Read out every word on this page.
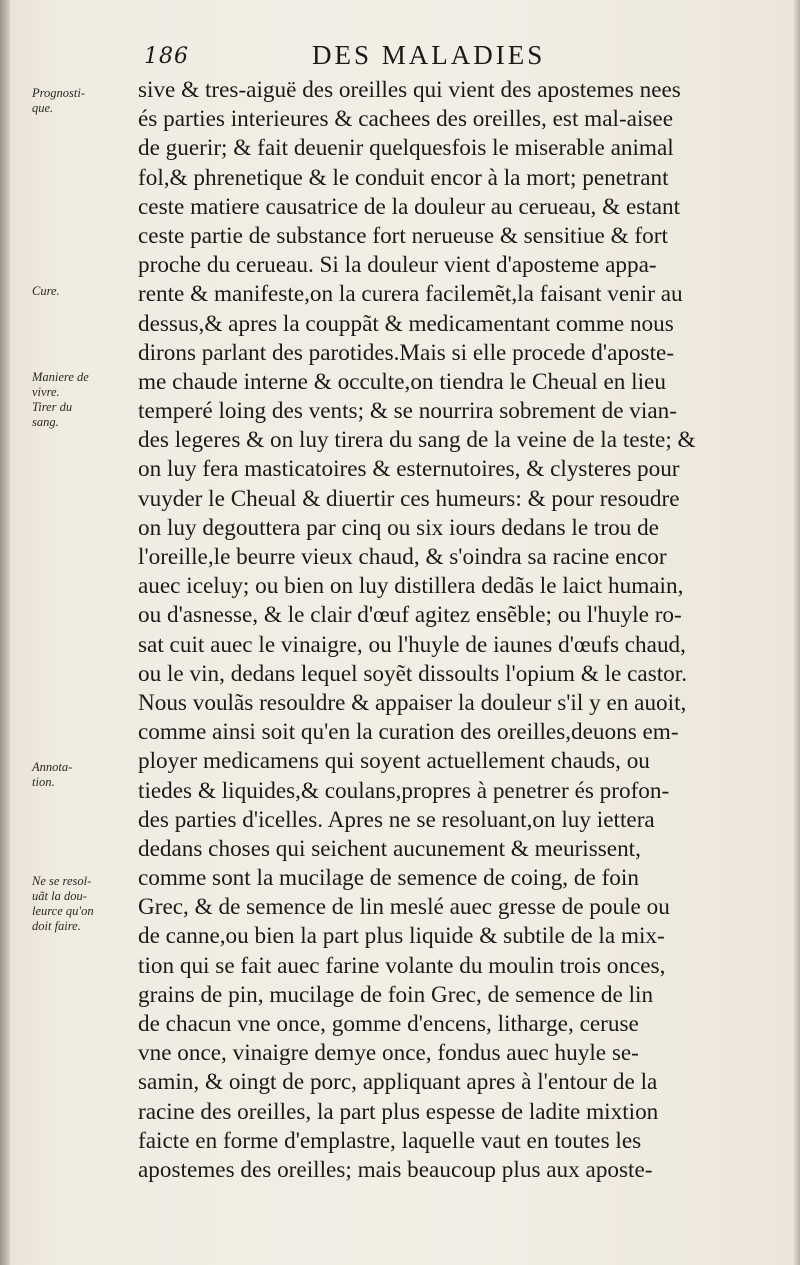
186	DES MALADIES
Prognosti-
que.
Cure.
Maniere de
vivre.
Tirer du
sang.
Annota-
tion.
Ne se resol-
uãt la dou-
leurce qu'on
doit faire.
sive & tres-aiguë des oreilles qui vient des apostemes nees
és parties interieures & cachees des oreilles, est mal-aisee
de guerir; & fait deuenir quelquesfois le miserable animal
fol,& phrenetique & le conduit encor à la mort; penetrant
ceste matiere causatrice de la douleur au cerueau, & estant
ceste partie de substance fort nerueuse & sensitiue & fort
proche du cerueau. Si la douleur vient d'aposteme appa-
rente & manifeste,on la curera facilemẽt,la faisant venir au
dessus,& apres la couppãt & medicamentant comme nous
dirons parlant des parotides.Mais si elle procede d'aposte-
me chaude interne & occulte,on tiendra le Cheual en lieu
temperé loing des vents; & se nourrira sobrement de vian-
des legeres & on luy tirera du sang de la veine de la teste; &
on luy fera masticatoires & esternutoires, & clysteres pour
vuyder le Cheual & diuertir ces humeurs: & pour resoudre
on luy degouttera par cinq ou six iours dedans le trou de
l'oreille,le beurre vieux chaud, & s'oindra sa racine encor
auec iceluy; ou bien on luy distillera dedãs le laict humain,
ou d'asnesse, & le clair d'œuf agitez ensẽble; ou l'huyle ro-
sat cuit auec le vinaigre, ou l'huyle de iaunes d'œufs chaud,
ou le vin, dedans lequel soyẽt dissoults l'opium & le castor.
Nous voulãs resouldre & appaiser la douleur s'il y en auoit,
comme ainsi soit qu'en la curation des oreilles,deuons em-
ployer medicamens qui soyent actuellement chauds, ou
tiedes & liquides,& coulans,propres à penetrer és profon-
des parties d'icelles. Apres ne se resoluant,on luy iettera
dedans choses qui seichent aucunement & meurissent,
comme sont la mucilage de semence de coing, de foin
Grec, & de semence de lin meslé auec gresse de poule ou
de canne,ou bien la part plus liquide & subtile de la mix-
tion qui se fait auec farine volante du moulin trois onces,
grains de pin, mucilage de foin Grec, de semence de lin
de chacun vne once, gomme d'encens, litharge, ceruse
vne once, vinaigre demye once, fondus auec huyle se-
samin, & oingt de porc, appliquant apres à l'entour de la
racine des oreilles, la part plus espesse de ladite mixtion
faicte en forme d'emplastre, laquelle vaut en toutes les
apostemes des oreilles; mais beaucoup plus aux aposte-
